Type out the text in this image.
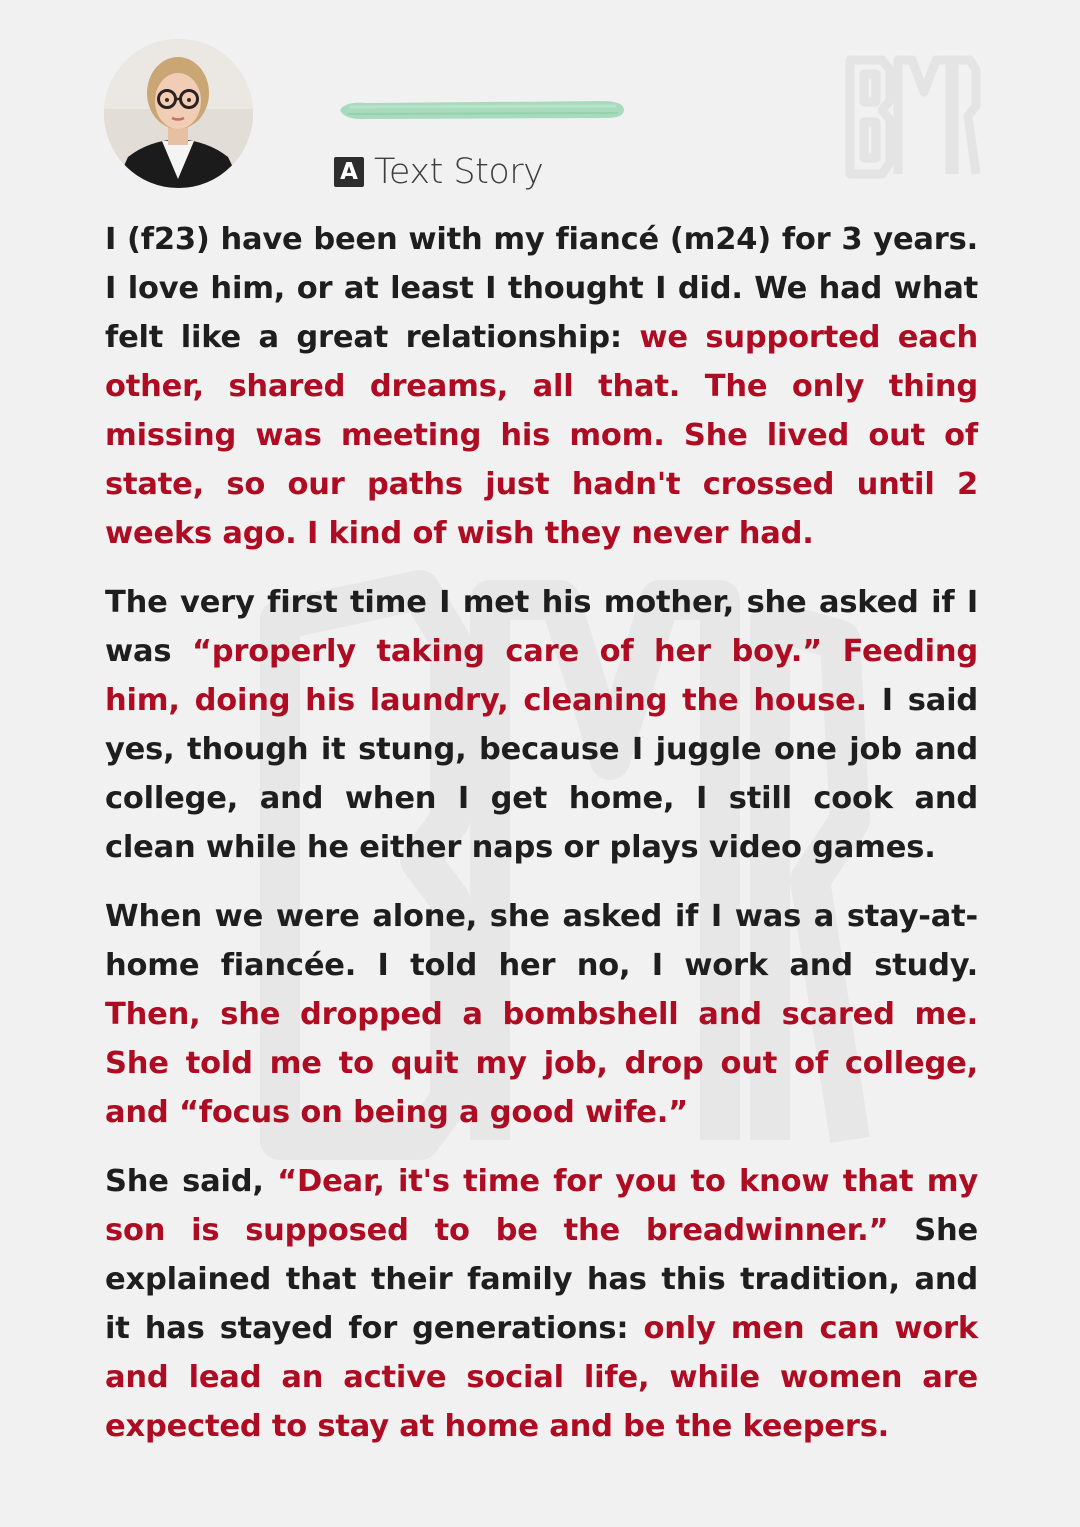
A Text Story

I (f23) have been with my fiancé (m24) for 3 years. I love him, or at least I thought I did. We had what felt like a great relationship: we supported each other, shared dreams, all that. The only thing missing was meeting his mom. She lived out of state, so our paths just hadn't crossed until 2 weeks ago. I kind of wish they never had.

The very first time I met his mother, she asked if I was “properly taking care of her boy.” Feeding him, doing his laundry, cleaning the house. I said yes, though it stung, because I juggle one job and college, and when I get home, I still cook and clean while he either naps or plays video games.

When we were alone, she asked if I was a stay-at-home fiancée. I told her no, I work and study. Then, she dropped a bombshell and scared me. She told me to quit my job, drop out of college, and “focus on being a good wife.”

She said, “Dear, it's time for you to know that my son is supposed to be the breadwinner.” She explained that their family has this tradition, and it has stayed for generations: only men can work and lead an active social life, while women are expected to stay at home and be the keepers.
